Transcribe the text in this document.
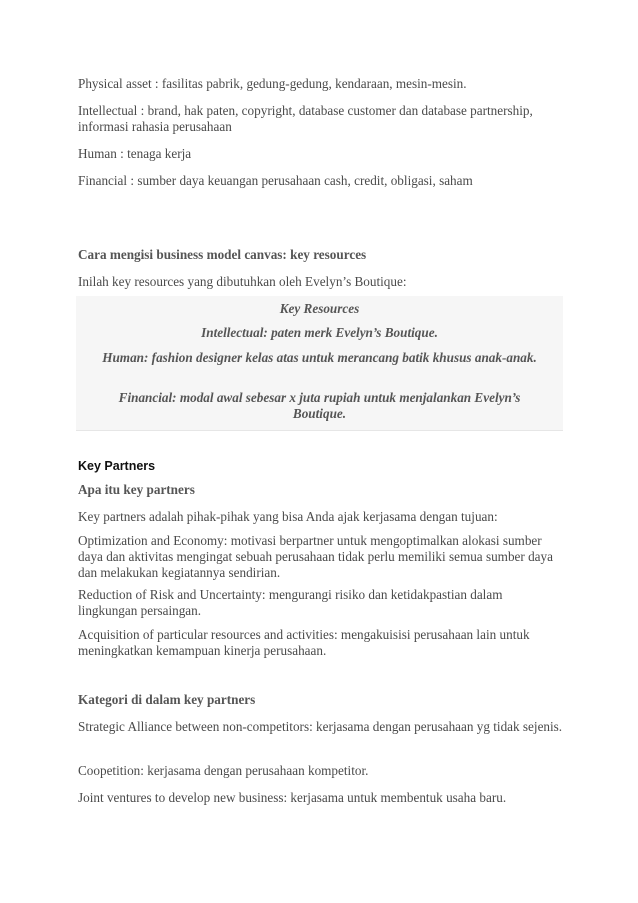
Physical asset : fasilitas pabrik, gedung-gedung, kendaraan, mesin-mesin.

Intellectual : brand, hak paten, copyright, database customer dan database partnership, informasi rahasia perusahaan

Human : tenaga kerja

Financial : sumber daya keuangan perusahaan cash, credit, obligasi, saham

Cara mengisi business model canvas: key resources

Inilah key resources yang dibutuhkan oleh Evelyn’s Boutique:

Key Resources
Intellectual: paten merk Evelyn’s Boutique.
Human: fashion designer kelas atas untuk merancang batik khusus anak-anak.
Financial: modal awal sebesar x juta rupiah untuk menjalankan Evelyn’s Boutique.
Key Partners

Apa itu key partners

Key partners adalah pihak-pihak yang bisa Anda ajak kerjasama dengan tujuan:

Optimization and Economy: motivasi berpartner untuk mengoptimalkan alokasi sumber daya dan aktivitas mengingat sebuah perusahaan tidak perlu memiliki semua sumber daya dan melakukan kegiatannya sendirian.

Reduction of Risk and Uncertainty: mengurangi risiko dan ketidakpastian dalam lingkungan persaingan.

Acquisition of particular resources and activities: mengakuisisi perusahaan lain untuk meningkatkan kemampuan kinerja perusahaan.

Kategori di dalam key partners

Strategic Alliance between non-competitors: kerjasama dengan perusahaan yg tidak sejenis.

Coopetition: kerjasama dengan perusahaan kompetitor.

Joint ventures to develop new business: kerjasama untuk membentuk usaha baru.
